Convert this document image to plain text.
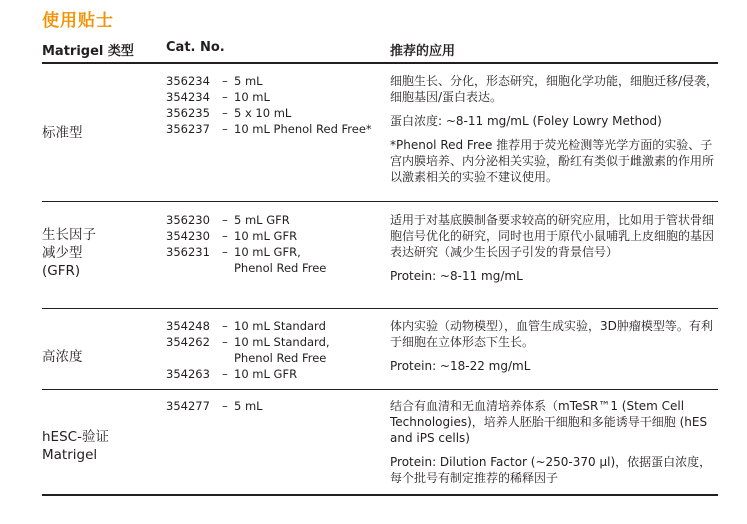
使用贴士
Matrigel 类型 Cat. No.	推荐的应用
标准型
356234 – 5 mL
354234 – 10 mL
356235 – 5 x 10 mL
356237 – 10 mL Phenol Red Free*

细胞生长、分化，形态研究，细胞化学功能，细胞迁移/侵袭，细胞基因/蛋白表达。

蛋白浓度: ~8-11 mg/mL (Foley Lowry Method)

*Phenol Red Free 推荐用于荧光检测等光学方面的实验、子宫内膜培养、内分泌相关实验，酚红有类似于雌激素的作用所以激素相关的实验不建议使用。

生长因子
减少型
(GFR)
356230 – 5 mL GFR
354230 – 10 mL GFR
356231 – 10 mL GFR,
Phenol Red Free

适用于对基底膜制备要求较高的研究应用，比如用于管状骨细胞信号优化的研究，同时也用于原代小鼠哺乳上皮细胞的基因表达研究（减少生长因子引发的背景信号）

Protein: ~8-11 mg/mL

高浓度
354248 – 10 mL Standard
354262 – 10 mL Standard,
Phenol Red Free
354263 – 10 mL GFR

体内实验（动物模型），血管生成实验，3D肿瘤模型等。有利于细胞在立体形态下生长。

Protein: ~18-22 mg/mL

hESC-验证
Matrigel
354277 – 5 mL	结合有血清和无血清培养体系（mTeSR™1 (Stem Cell Technologies)，培养人胚胎干细胞和多能诱导干细胞 (hES and iPS cells)

Protein: Dilution Factor (~250-370 µl)，依据蛋白浓度，每个批号有制定推荐的稀释因子
